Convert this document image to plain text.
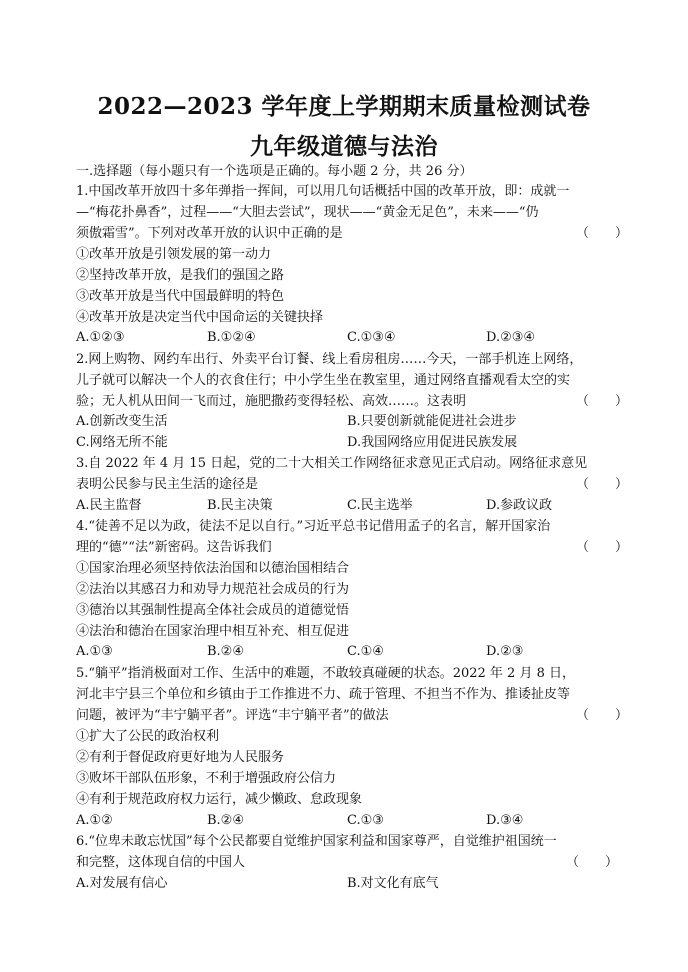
2022—2023 学年度上学期期末质量检测试卷
九年级道德与法治
一.选择题（每小题只有一个选项是正确的。每小题 2 分，共 26 分）
1.中国改革开放四十多年弹指一挥间，可以用几句话概括中国的改革开放，即：成就一
—“梅花扑鼻香”，过程——“大胆去尝试”，现状——“黄金无足色”，未来——“仍
须傲霜雪”。下列对改革开放的认识中正确的是	（　　）
①改革开放是引领发展的第一动力
②坚持改革开放，是我们的强国之路
③改革开放是当代中国最鲜明的特色
④改革开放是决定当代中国命运的关键抉择
A.①②③	B.①②④	C.①③④	D.②③④
2.网上购物、网约车出行、外卖平台订餐、线上看房租房……今天，一部手机连上网络，
儿子就可以解决一个人的衣食住行；中小学生坐在教室里，通过网络直播观看太空的实
验；无人机从田间一飞而过，施肥撒药变得轻松、高效……。这表明	（　　）
A.创新改变生活	B.只要创新就能促进社会进步
C.网络无所不能	D.我国网络应用促进民族发展
3.自 2022 年 4 月 15 日起，党的二十大相关工作网络征求意见正式启动。网络征求意见
表明公民参与民主生活的途径是	（　　）
A.民主监督	B.民主决策	C.民主选举	D.参政议政
4.“徒善不足以为政，徒法不足以自行。”习近平总书记借用孟子的名言，解开国家治
理的“德”“法”新密码。这告诉我们	（　　）
①国家治理必须坚持依法治国和以德治国相结合
②法治以其感召力和劝导力规范社会成员的行为
③德治以其强制性提高全体社会成员的道德觉悟
④法治和德治在国家治理中相互补充、相互促进
A.①③	B.②④	C.①④	D.②③
5.“躺平”指消极面对工作、生活中的难题，不敢较真碰硬的状态。2022 年 2 月 8 日，
河北丰宁县三个单位和乡镇由于工作推进不力、疏于管理、不担当不作为、推诿扯皮等
问题，被评为“丰宁躺平者”。评选“丰宁躺平者”的做法	（　　）
①扩大了公民的政治权利
②有利于督促政府更好地为人民服务
③败坏干部队伍形象，不利于增强政府公信力
④有利于规范政府权力运行，减少懒政、怠政现象
A.①②	B.②④	C.①③	D.③④
6.“位卑未敢忘忧国”每个公民都要自觉维护国家利益和国家尊严，自觉维护祖国统一
和完整，这体现自信的中国人	（　　）
A.对发展有信心	B.对文化有底气
